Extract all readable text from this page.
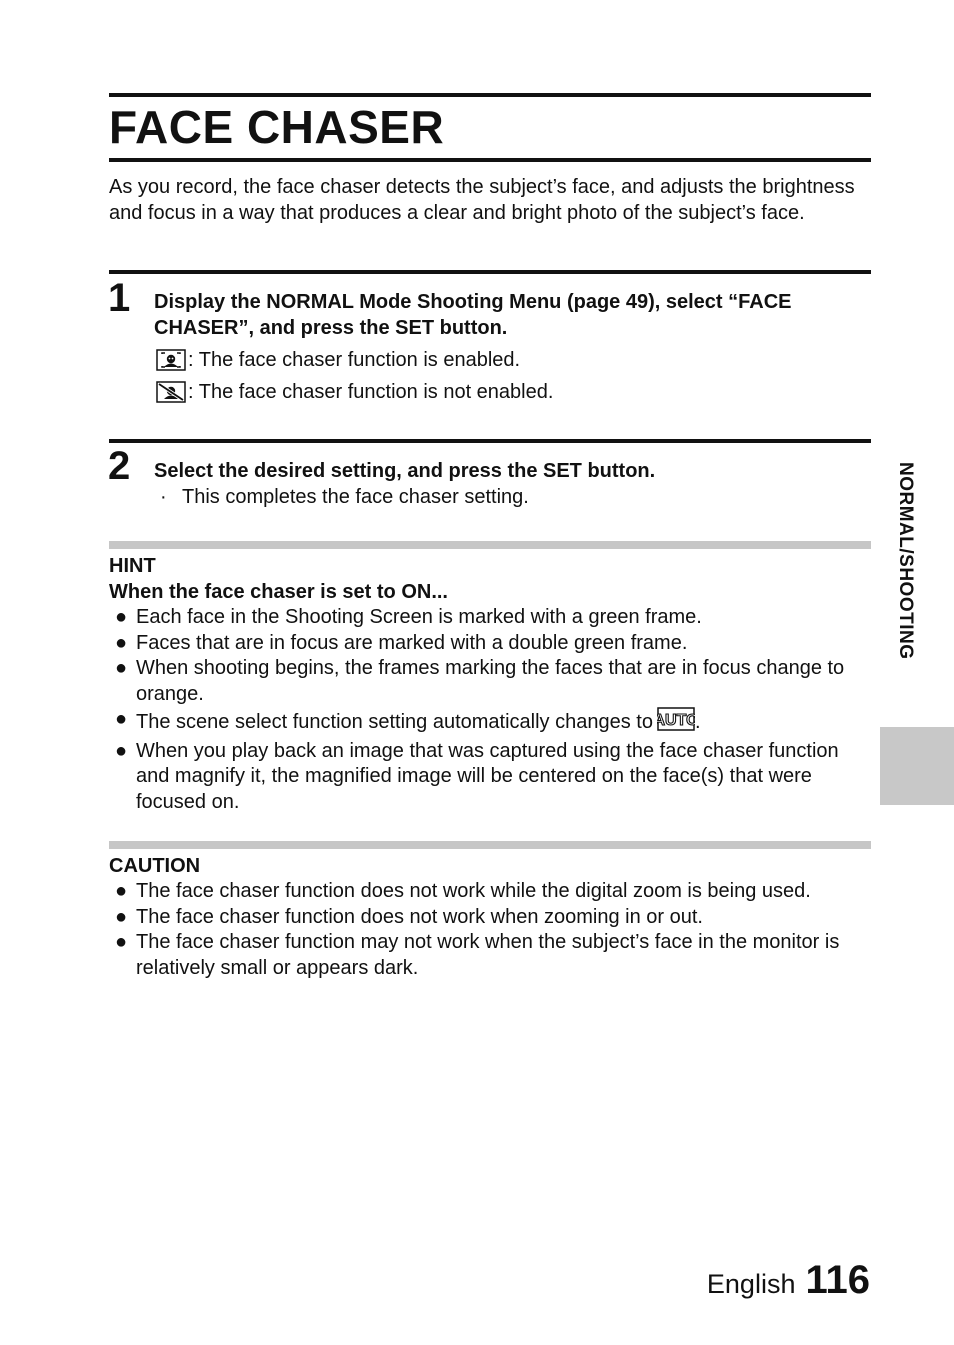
FACE CHASER

As you record, the face chaser detects the subject’s face, and adjusts the brightness and focus in a way that produces a clear and bright photo of the subject’s face.

1 Display the NORMAL Mode Shooting Menu (page 49), select “FACE CHASER”, and press the SET button.

: The face chaser function is enabled.
: The face chaser function is not enabled.
2 Select the desired setting, and press the SET button.

· This completes the face chaser setting.

HINT

When the face chaser is set to ON...

● Each face in the Shooting Screen is marked with a green frame.
● Faces that are in focus are marked with a double green frame.
● When shooting begins, the frames marking the faces that are in focus change to orange.
● The scene select function setting automatically changes to AUTO
.
● When you play back an image that was captured using the face chaser function and magnify it, the magnified image will be centered on the face(s) that were focused on.

CAUTION

● The face chaser function does not work while the digital zoom is being used.
● The face chaser function does not work when zooming in or out.
● The face chaser function may not work when the subject’s face in the monitor is relatively small or appears dark.
NORMAL/SHOOTING
English 116
